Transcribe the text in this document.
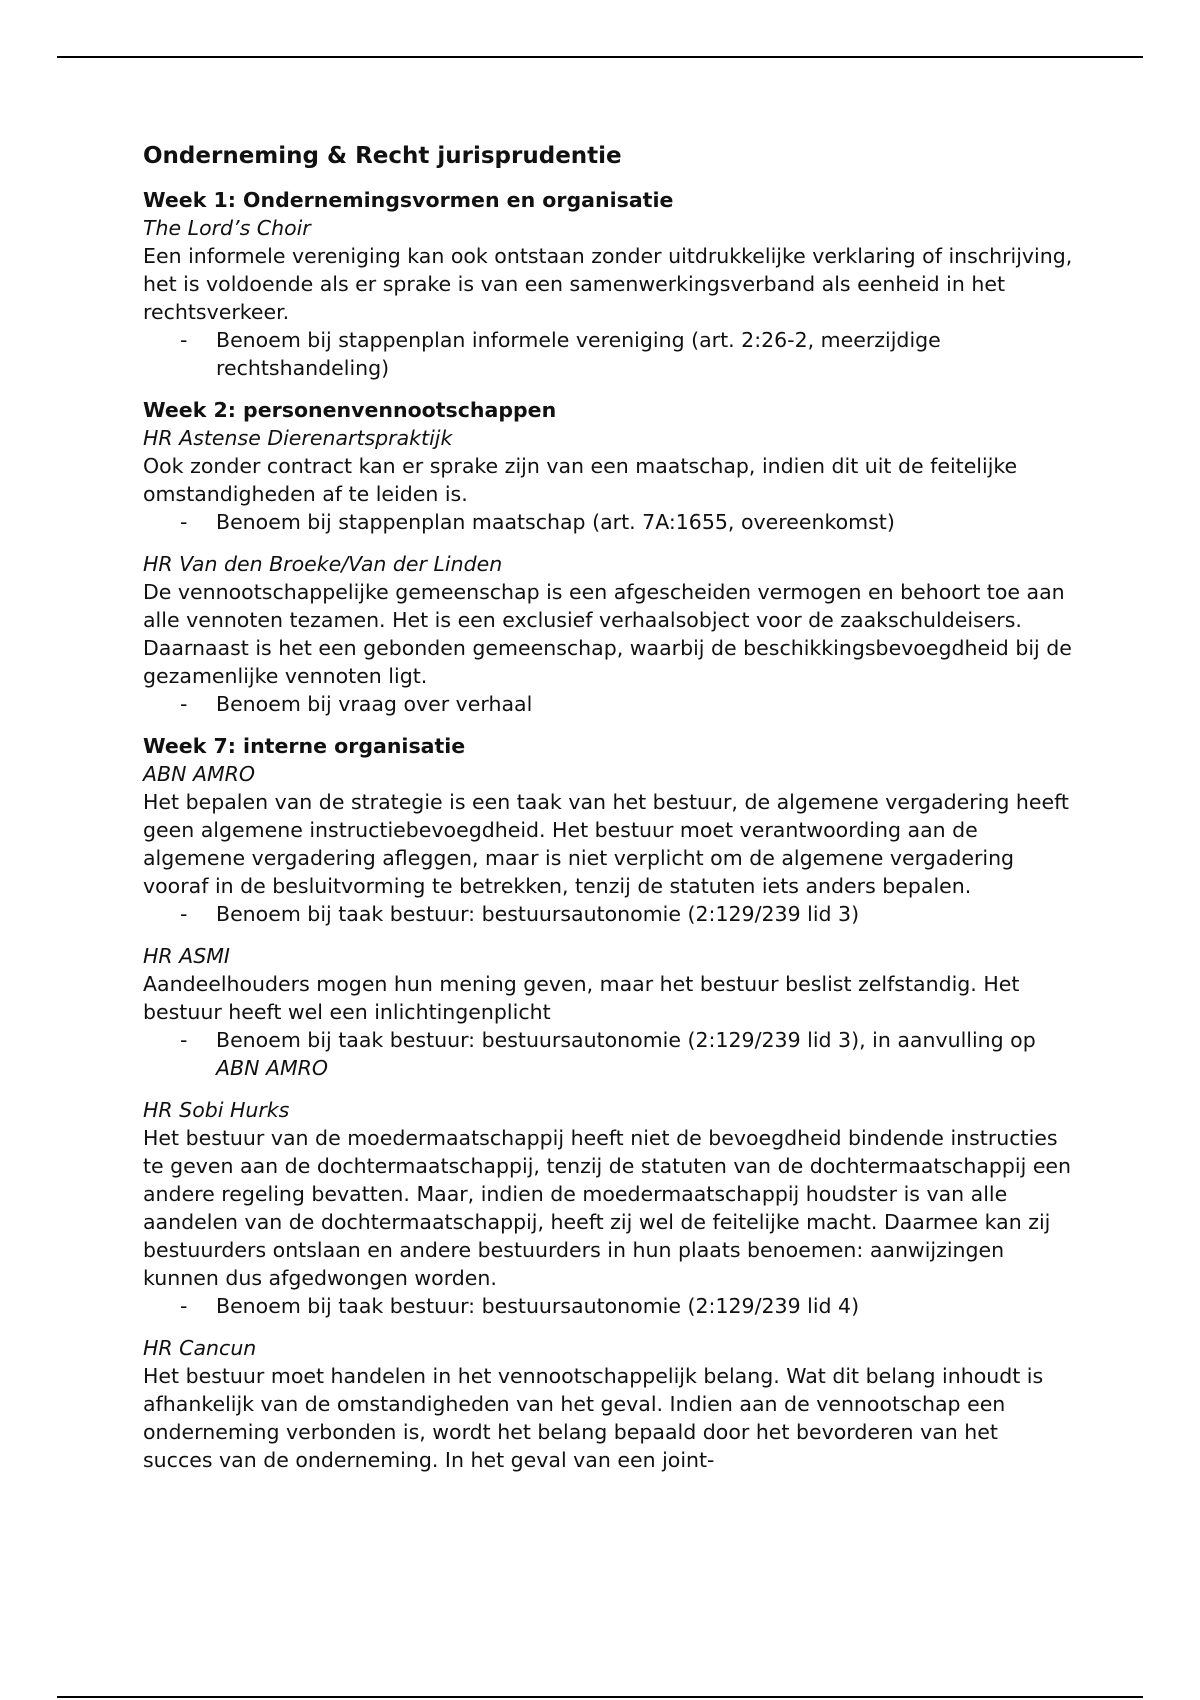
Onderneming & Recht jurisprudentie
Week 1: Ondernemingsvormen en organisatie
The Lord’s Choir

Een informele vereniging kan ook ontstaan zonder uitdrukkelijke verklaring of inschrijving, het is voldoende als er sprake is van een samenwerkingsverband als eenheid in het rechtsverkeer.

- Benoem bij stappenplan informele vereniging (art. 2:26-2, meerzijdige rechtshandeling)
Week 2: personenvennootschappen
HR Astense Dierenartspraktijk

Ook zonder contract kan er sprake zijn van een maatschap, indien dit uit de feitelijke omstandigheden af te leiden is.

- Benoem bij stappenplan maatschap (art. 7A:1655, overeenkomst)
HR Van den Broeke/Van der Linden

De vennootschappelijke gemeenschap is een afgescheiden vermogen en behoort toe aan alle vennoten tezamen. Het is een exclusief verhaalsobject voor de zaakschuldeisers. Daarnaast is het een gebonden gemeenschap, waarbij de beschikkingsbevoegdheid bij de gezamenlijke vennoten ligt.

- Benoem bij vraag over verhaal
Week 7: interne organisatie
ABN AMRO

Het bepalen van de strategie is een taak van het bestuur, de algemene vergadering heeft geen algemene instructiebevoegdheid. Het bestuur moet verantwoording aan de algemene vergadering afleggen, maar is niet verplicht om de algemene vergadering vooraf in de besluitvorming te betrekken, tenzij de statuten iets anders bepalen.

- Benoem bij taak bestuur: bestuursautonomie (2:129/239 lid 3)
HR ASMI

Aandeelhouders mogen hun mening geven, maar het bestuur beslist zelfstandig. Het bestuur heeft wel een inlichtingenplicht

- Benoem bij taak bestuur: bestuursautonomie (2:129/239 lid 3), in aanvulling op ABN AMRO
HR Sobi Hurks

Het bestuur van de moedermaatschappij heeft niet de bevoegdheid bindende instructies te geven aan de dochtermaatschappij, tenzij de statuten van de dochtermaatschappij een andere regeling bevatten. Maar, indien de moedermaatschappij houdster is van alle aandelen van de dochtermaatschappij, heeft zij wel de feitelijke macht. Daarmee kan zij bestuurders ontslaan en andere bestuurders in hun plaats benoemen: aanwijzingen kunnen dus afgedwongen worden.

- Benoem bij taak bestuur: bestuursautonomie (2:129/239 lid 4)
HR Cancun

Het bestuur moet handelen in het vennootschappelijk belang. Wat dit belang inhoudt is afhankelijk van de omstandigheden van het geval. Indien aan de vennootschap een onderneming verbonden is, wordt het belang bepaald door het bevorderen van het succes van de onderneming. In het geval van een joint-
